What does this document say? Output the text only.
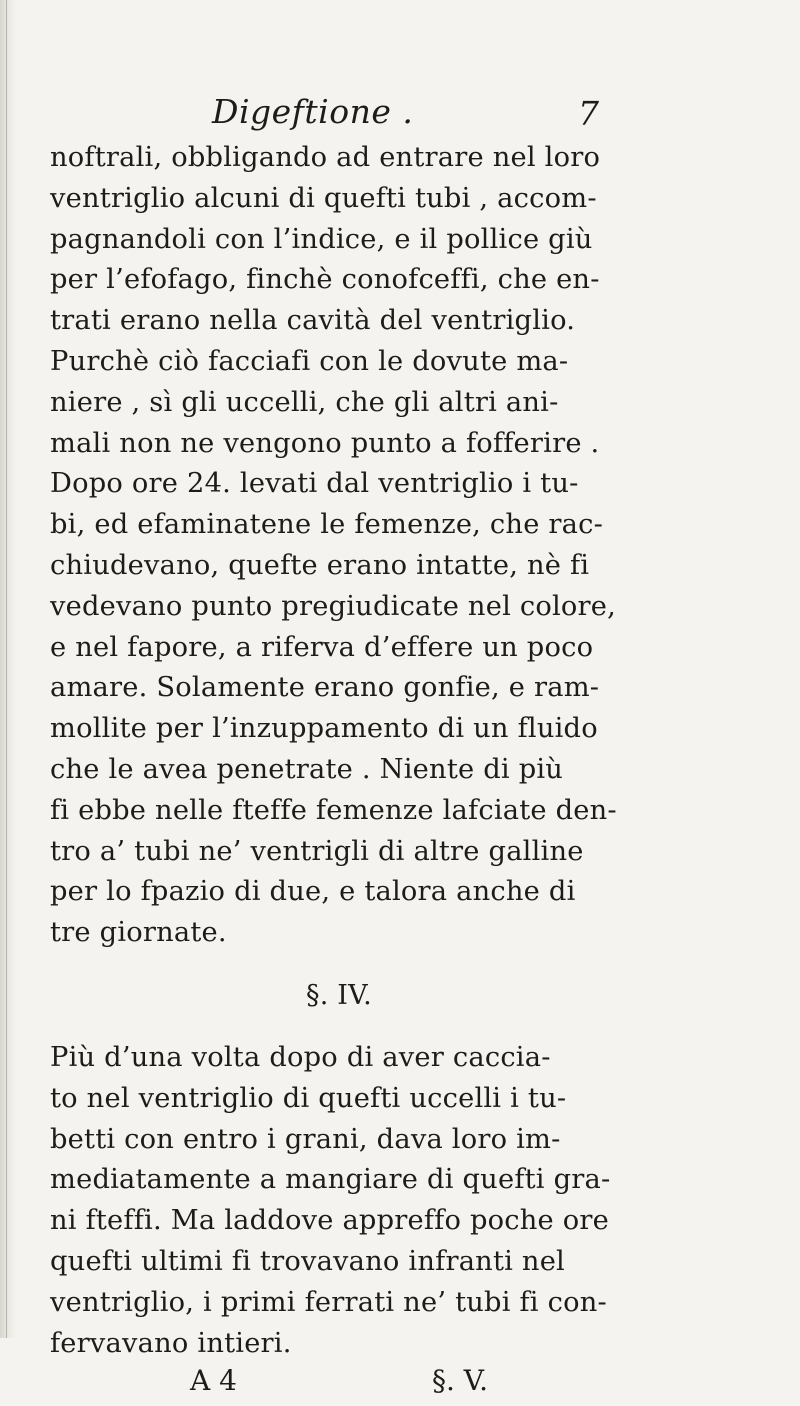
Digeftione .	7
noftrali, obbligando ad entrare nel loro
ventriglio alcuni di quefti tubi , accom-
pagnandoli con l’indice, e il pollice giù
per l’efofago, finchè conofceffi, che en-
trati erano nella cavità del ventriglio.
Purchè ciò facciafi con le dovute ma-
niere , sì gli uccelli, che gli altri ani-
mali non ne vengono punto a fofferire .
Dopo ore 24. levati dal ventriglio i tu-
bi, ed efaminatene le femenze, che rac-
chiudevano, quefte erano intatte, nè fi
vedevano punto pregiudicate nel colore,
e nel fapore, a riferva d’effere un poco
amare. Solamente erano gonfie, e ram-
mollite per l’inzuppamento di un fluido
che le avea penetrate . Niente di più
fi ebbe nelle fteffe femenze lafciate den-
tro a’ tubi ne’ ventrigli di altre galline
per lo fpazio di due, e talora anche di
tre giornate.
§. IV.
Più d’una volta dopo di aver caccia-
to nel ventriglio di quefti uccelli i tu-
betti con entro i grani, dava loro im-
mediatamente a mangiare di quefti gra-
ni fteffi. Ma laddove appreffo poche ore
quefti ultimi fi trovavano infranti nel
ventriglio, i primi ferrati ne’ tubi fi con-
fervavano intieri.
A 4	§. V.
